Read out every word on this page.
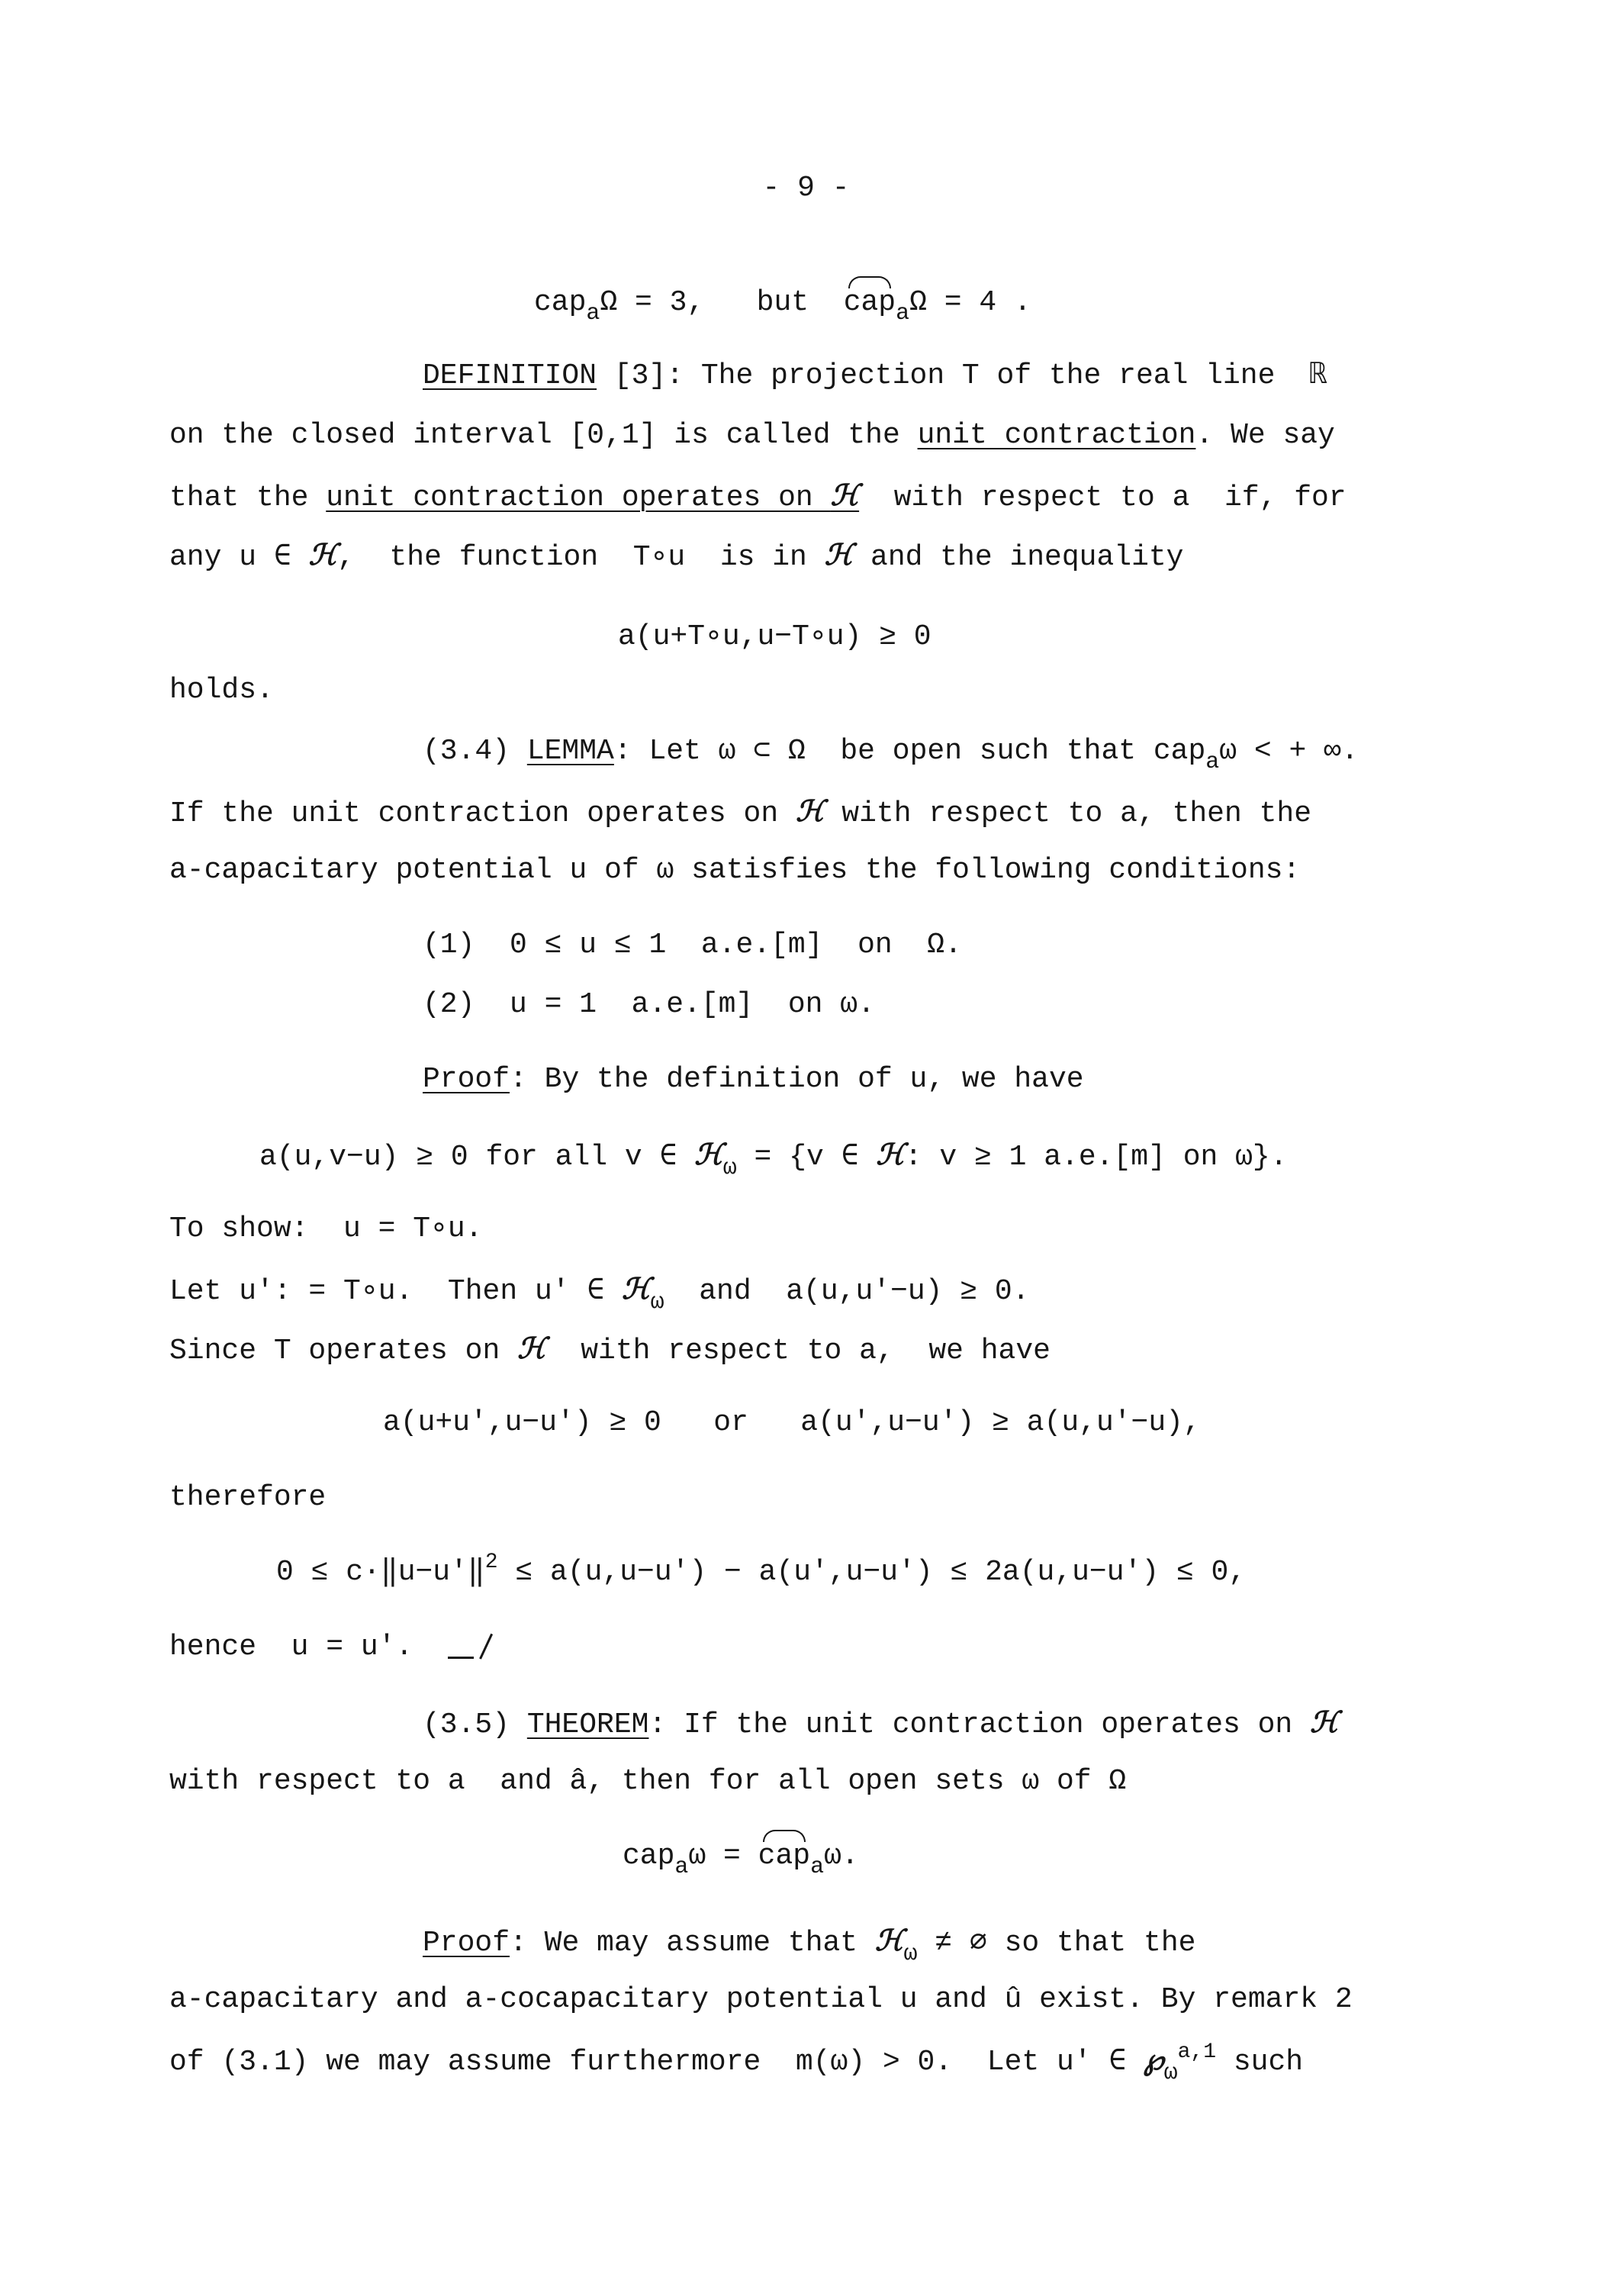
- 9 -
cap$_a$Ω = 3,   but  cap$_a$Ω = 4 .
DEFINITION [3]: The projection T of the real line  ℝ
on the closed interval [0,1] is called the unit contraction. We say
that the unit contraction operates on ℋ  with respect to a  if, for
any u ∈ ℋ,  the function  T∘u  is in ℋ and the inequality
a(u+T∘u,u−T∘u) ≥ 0
holds.
(3.4) LEMMA: Let ω ⊂ Ω  be open such that cap$_a$ω < + ∞.
If the unit contraction operates on ℋ with respect to a, then the
a-capacitary potential u of ω satisfies the following conditions:
(1)  0 ≤ u ≤ 1  a.e.[m]  on  Ω.
(2)  u = 1  a.e.[m]  on ω.
Proof: By the definition of u, we have
a(u,v−u) ≥ 0 for all v ∈ ℋ$_\omega$ = {v ∈ ℋ: v ≥ 1 a.e.[m] on ω}.
To show:  u = T∘u.
Let u': = T∘u.  Then u' ∈ ℋ$_\omega$  and  a(u,u'−u) ≥ 0.
Since T operates on ℋ  with respect to a,  we have
a(u+u',u−u') ≥ 0   or   a(u',u−u') ≥ a(u,u'−u),
therefore
0 ≤ c·‖u−u'‖$^2$ ≤ a(u,u−u') − a(u',u−u') ≤ 2a(u,u−u') ≤ 0,
hence  u = u'.
(3.5) THEOREM: If the unit contraction operates on ℋ
with respect to a  and â, then for all open sets ω of Ω
cap$_a$ω = cap$_a$ω.
Proof: We may assume that ℋ$_\omega$ ≠ ∅ so that the
a-capacitary and a-cocapacitary potential u and û exist. By remark 2
of (3.1) we may assume furthermore  m(ω) > 0.  Let u' ∈ $℘_\omega^{a,1}$ such
